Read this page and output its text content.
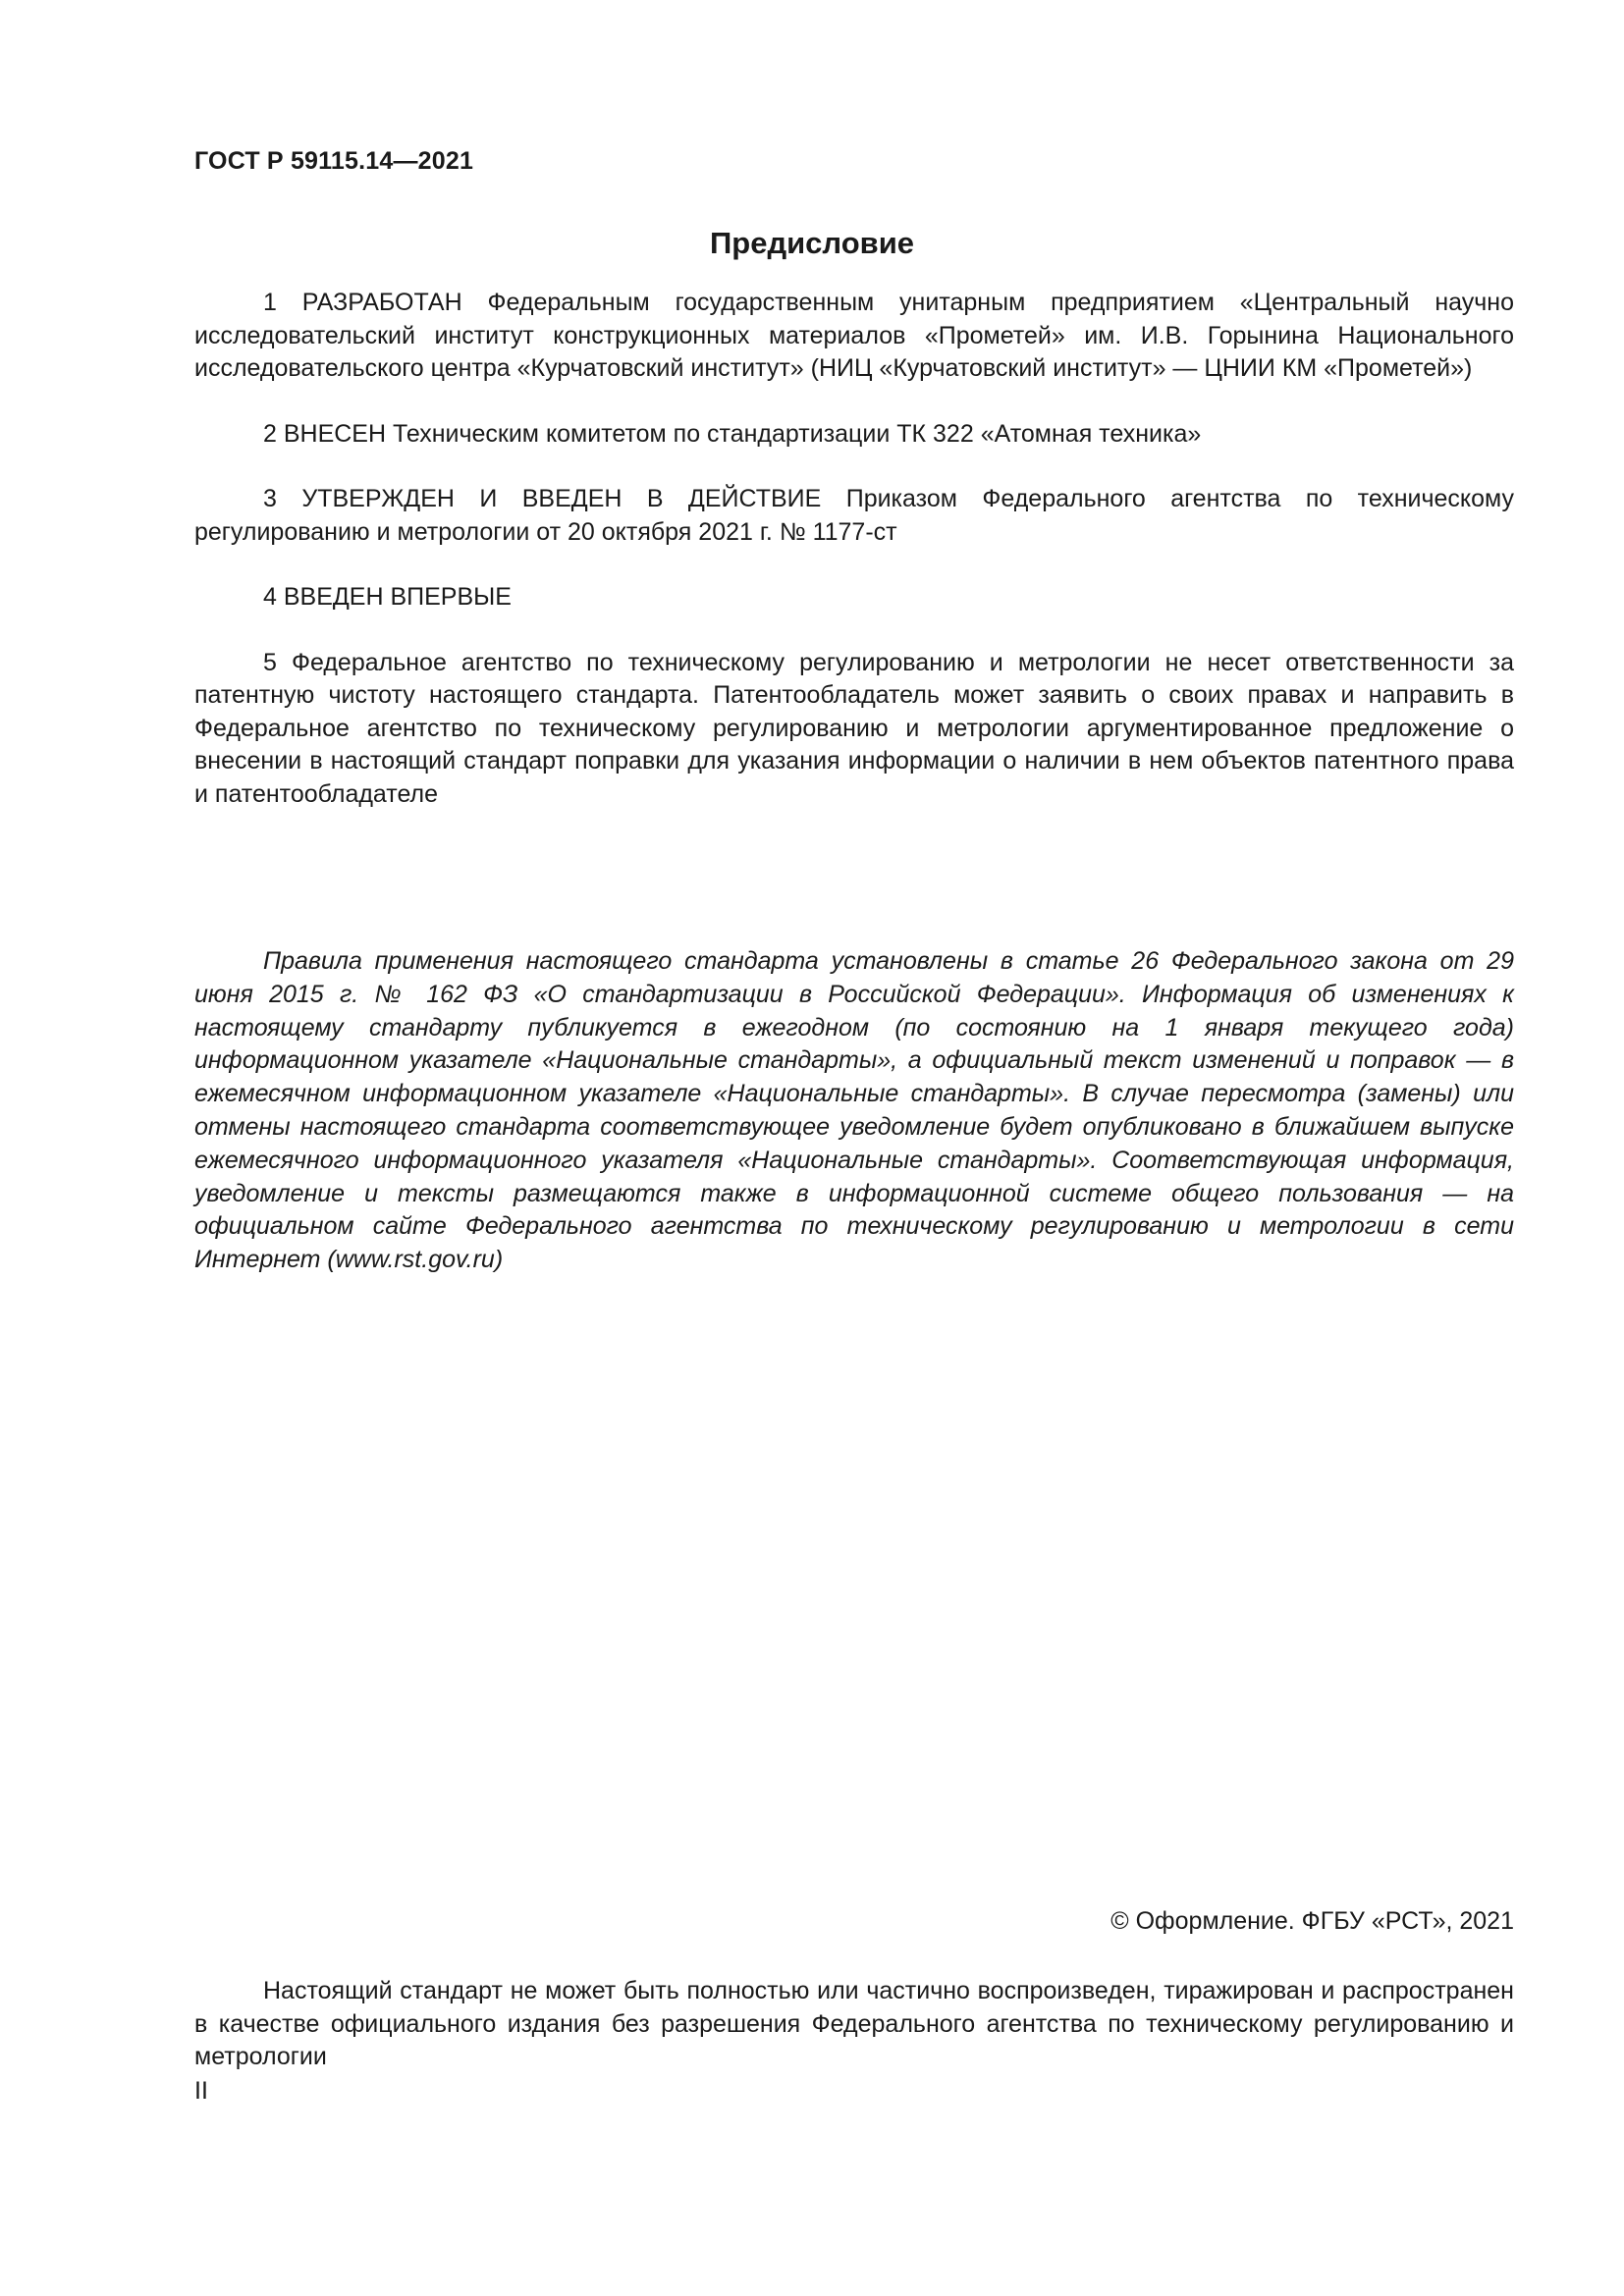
ГОСТ Р 59115.14—2021
Предисловие

1 РАЗРАБОТАН Федеральным государственным унитарным предприятием «Центральный научно исследовательский институт конструкционных материалов «Прометей» им. И.В. Горынина Национального исследовательского центра «Курчатовский институт» (НИЦ «Курчатовский институт» — ЦНИИ КМ «Прометей»)

2 ВНЕСЕН Техническим комитетом по стандартизации ТК 322 «Атомная техника»

3 УТВЕРЖДЕН И ВВЕДЕН В ДЕЙСТВИЕ Приказом Федерального агентства по техническому регулированию и метрологии от 20 октября 2021 г. № 1177-ст

4 ВВЕДЕН ВПЕРВЫЕ

5 Федеральное агентство по техническому регулированию и метрологии не несет ответственности за патентную чистоту настоящего стандарта. Патентообладатель может заявить о своих правах и направить в Федеральное агентство по техническому регулированию и метрологии аргументированное предложение о внесении в настоящий стандарт поправки для указания информации о наличии в нем объектов патентного права и патентообладателе

Правила применения настоящего стандарта установлены в статье 26 Федерального закона от 29 июня 2015 г. № 162 ФЗ «О стандартизации в Российской Федерации». Информация об изменениях к настоящему стандарту публикуется в ежегодном (по состоянию на 1 января текущего года) информационном указателе «Национальные стандарты», а официальный текст изменений и поправок — в ежемесячном информационном указателе «Национальные стандарты». В случае пересмотра (замены) или отмены настоящего стандарта соответствующее уведомление будет опубликовано в ближайшем выпуске ежемесячного информационного указателя «Национальные стандарты». Соответствующая информация, уведомление и тексты размещаются также в информационной системе общего пользования — на официальном сайте Федерального агентства по техническому регулированию и метрологии в сети Интернет (www.rst.gov.ru)

© Оформление. ФГБУ «РСТ», 2021

Настоящий стандарт не может быть полностью или частично воспроизведен, тиражирован и распространен в качестве официального издания без разрешения Федерального агентства по техническому регулированию и метрологии

II
